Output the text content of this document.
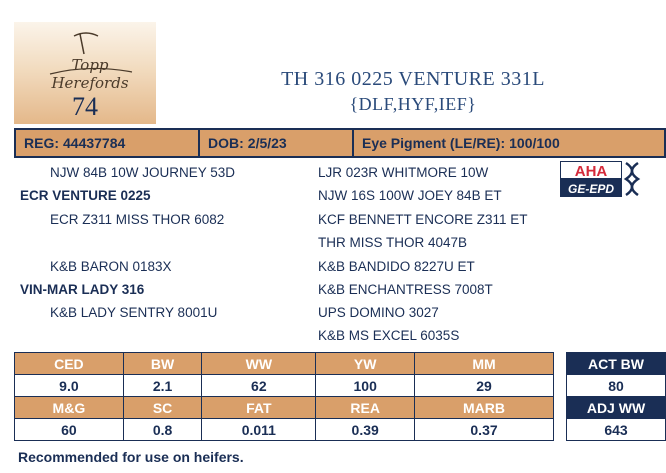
Topp Herefords
74
TH 316 0225 VENTURE 331L
{DLF,HYF,IEF}
REG: 44437784	DOB: 2/5/23	Eye Pigment (LE/RE): 100/100
NJW 84B 10W JOURNEY 53D
ECR VENTURE 0225
ECR Z311 MISS THOR 6082
K&B BARON 0183X
VIN-MAR LADY 316
K&B LADY SENTRY 8001U
LJR 023R WHITMORE 10W
NJW 16S 100W JOEY 84B ET
KCF BENNETT ENCORE Z311 ET
THR MISS THOR 4047B
K&B BANDIDO 8227U ET
K&B ENCHANTRESS 7008T
UPS DOMINO 3027
K&B MS EXCEL 6035S
AHA
GE-EPD
CED	BW	WW	YW	MM
9.0	2.1	62	100	29
M&G	SC	FAT	REA	MARB
60	0.8	0.011	0.39	0.37
ACT BW
80
ADJ WW
643
Recommended for use on heifers.
